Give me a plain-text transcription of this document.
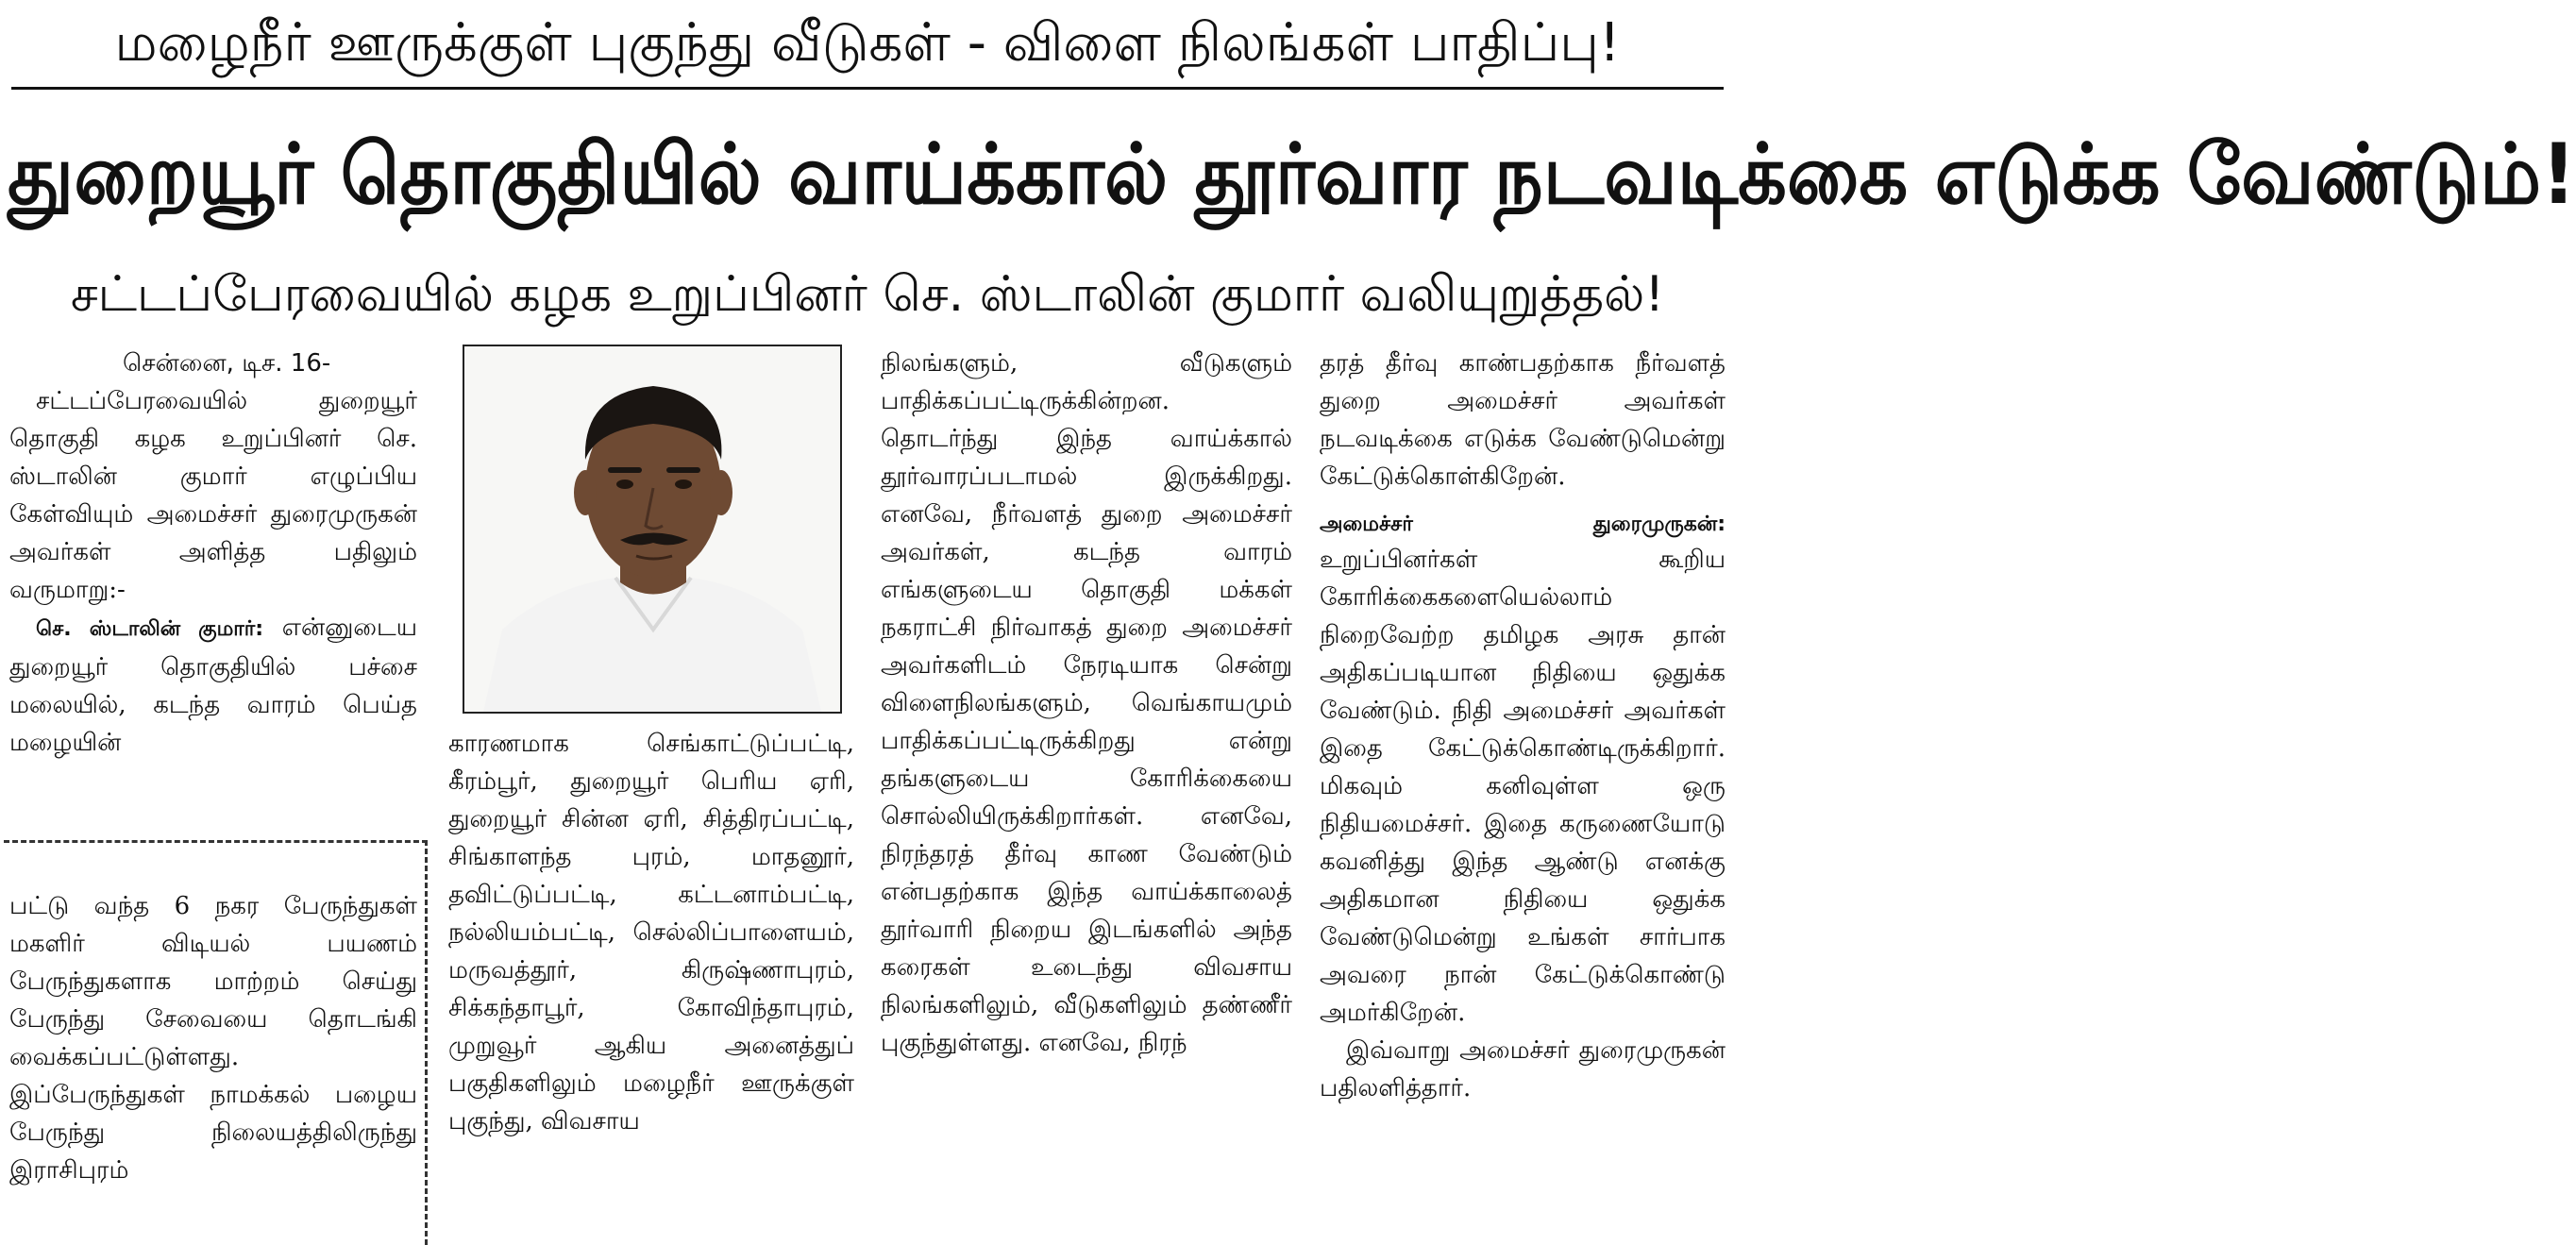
மழைநீர் ஊருக்குள் புகுந்து வீடுகள் - விளை நிலங்கள் பாதிப்பு!
துறையூர் தொகுதியில் வாய்க்கால் தூர்வார நடவடிக்கை எடுக்க வேண்டும்!
சட்டப்பேரவையில் கழக உறுப்பினர் செ. ஸ்டாலின் குமார் வலியுறுத்தல்!

சென்னை, டிச. 16-

சட்டப்பேரவையில் துறையூர் தொகுதி கழக உறுப்பினர் செ. ஸ்டாலின் குமார் எழுப்பிய கேள்வியும் அமைச்சர் துரைமுருகன் அவர்கள் அளித்த பதிலும் வருமாறு:-

செ. ஸ்டாலின் குமார்: என்னுடைய துறையூர் தொகுதியில் பச்சை மலையில், கடந்த வாரம் பெய்த மழையின்

பட்டு வந்த 6 நகர பேருந்துகள் மகளிர் விடியல் பயணம் பேருந்துகளாக மாற்றம் செய்து பேருந்து சேவையை தொடங்கி வைக்கப்பட்டுள்ளது. இப்பேருந்துகள் நாமக்கல் பழைய பேருந்து நிலையத்திலிருந்து இராசிபுரம்

காரணமாக செங்காட்டுப்பட்டி, கீரம்பூர், துறையூர் பெரிய ஏரி, துறையூர் சின்ன ஏரி, சித்திரப்பட்டி, சிங்காளந்த புரம், மாதனூர், தவிட்டுப்பட்டி, கட்டனாம்பட்டி, நல்லியம்பட்டி, செல்லிப்பாளையம், மருவத்தூர், கிருஷ்ணாபுரம், சிக்கந்தாபூர், கோவிந்தாபுரம், முறுவூர் ஆகிய அனைத்துப் பகுதிகளிலும் மழைநீர் ஊருக்குள் புகுந்து, விவசாய

நிலங்களும், வீடுகளும் பாதிக்கப்பட்டிருக்கின்றன. தொடர்ந்து இந்த வாய்க்கால் தூர்வாரப்படாமல் இருக்கிறது. எனவே, நீர்வளத் துறை அமைச்சர் அவர்கள், கடந்த வாரம் எங்களுடைய தொகுதி மக்கள் நகராட்சி நிர்வாகத் துறை அமைச்சர் அவர்களிடம் நேரடியாக சென்று விளைநிலங்களும், வெங்காயமும் பாதிக்கப்பட்டிருக்கிறது என்று தங்களுடைய கோரிக்கையை சொல்லியிருக்கிறார்கள். எனவே, நிரந்தரத் தீர்வு காண வேண்டும் என்பதற்காக இந்த வாய்க்காலைத் தூர்வாரி நிறைய இடங்களில் அந்த கரைகள் உடைந்து விவசாய நிலங்களிலும், வீடுகளிலும் தண்ணீர் புகுந்துள்ளது. எனவே, நிரந்

தரத் தீர்வு காண்பதற்காக நீர்வளத் துறை அமைச்சர் அவர்கள் நடவடிக்கை எடுக்க வேண்டுமென்று கேட்டுக்கொள்கிறேன்.

அமைச்சர்	துரைமுருகன்:

உறுப்பினர்கள் கூறிய கோரிக்கைகளையெல்லாம் நிறைவேற்ற தமிழக அரசு தான் அதிகப்படியான நிதியை ஒதுக்க வேண்டும். நிதி அமைச்சர் அவர்கள் இதை கேட்டுக்கொண்டிருக்கிறார். மிகவும் கனிவுள்ள ஒரு நிதியமைச்சர். இதை கருணையோடு கவனித்து இந்த ஆண்டு எனக்கு அதிகமான நிதியை ஒதுக்க வேண்டுமென்று உங்கள் சார்பாக அவரை நான் கேட்டுக்கொண்டு அமர்கிறேன்.

இவ்வாறு அமைச்சர் துரைமுருகன் பதிலளித்தார்.
